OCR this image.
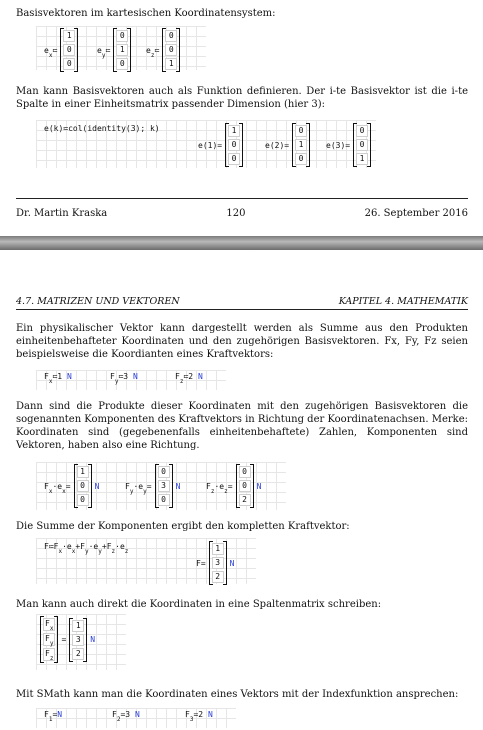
Basisvektoren im kartesischen Koordinatensystem:
$e_x≔$
1
0
0
$e_y≔$
0
1
0
$e_z≔$
0
0
1
Man kann Basisvektoren auch als Funktion definieren. Der i-te Basisvektor ist die i-te Spalte in einer Einheitsmatrix passender Dimension (hier 3):
e(k)≔col(identity(3); k)
e(1)=
1
0
0
e(2)=
0
1
0
e(3)=
0
0
1
Dr. Martin Kraska	120	26. September 2016
4.7. MATRIZEN UND VEKTOREN	KAPITEL 4. MATHEMATIK
Ein physikalischer Vektor kann dargestellt werden als Summe aus den Produkten einheitenbehafteter Koordinaten und den zugehörigen Basisvektoren. Fx, Fy, Fz seien beispielsweise die Koordianten eines Kraftvektors:
$F_x≔1$ N	$F_y≔3$ N	$F_z≔2$ N
Dann sind die Produkte dieser Koordinaten mit den zugehörigen Basisvektoren die sogenannten Komponenten des Kraftvektors in Richtung der Koordinatenachsen. Merke: Koordinaten sind (gegebenenfalls einheitenbehaftete) Zahlen, Komponenten sind Vektoren, haben also eine Richtung.
$F_x\cdot e_x=$
1
0
0
N	$F_y\cdot e_y=$
0
3
0
N	$F_z\cdot e_z=$
0
0
2
N
Die Summe der Komponenten ergibt den kompletten Kraftvektor:
$F≔F_x\cdot e_x+F_y\cdot e_y+F_z\cdot e_z$
F=
1
3
2
N
Man kann auch direkt die Koordinaten in eine Spaltenmatrix schreiben:
$F_x$
$F_y$
$F_z$
=
1
3
2
N
Mit SMath kann man die Koordinaten eines Vektors mit der Indexfunktion ansprechen:
$F_1=N$	$F_2=3$ N	$F_3=2$ N
